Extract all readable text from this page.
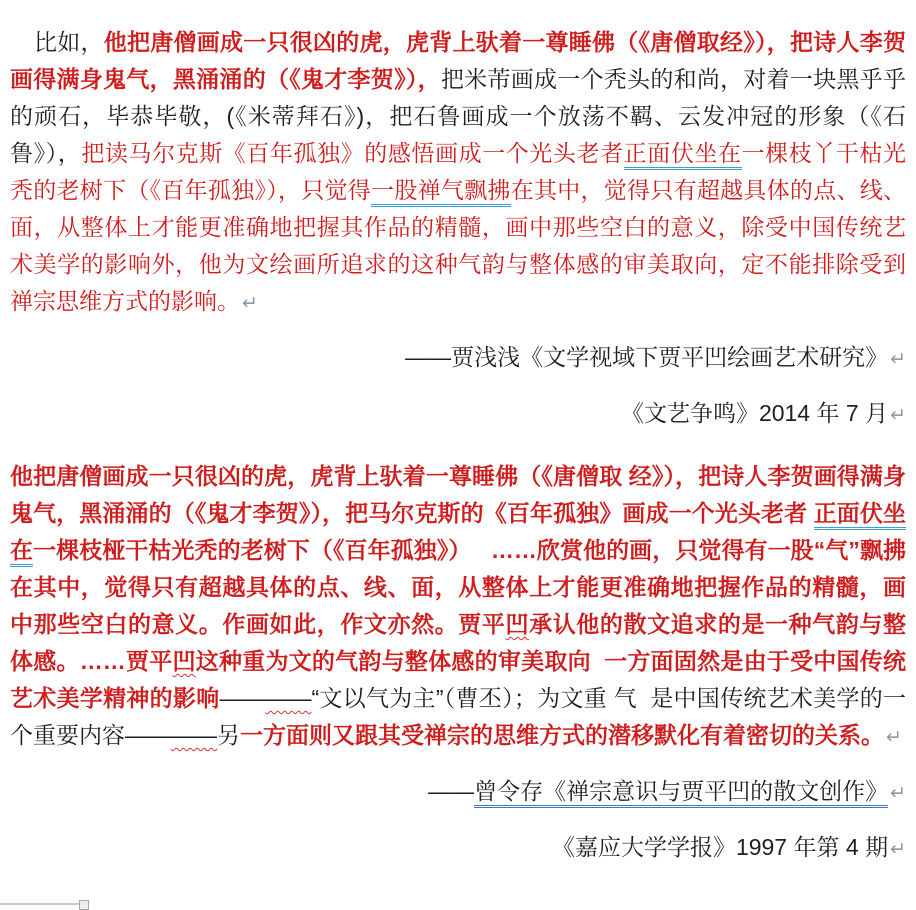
比如，他把唐僧画成一只很凶的虎，虎背上驮着一尊睡佛（《唐僧取经》），把诗人李贺画得满身鬼气，黑涌涌的（《鬼才李贺》），把米芾画成一个秃头的和尚，对着一块黑乎乎的顽石，毕恭毕敬，(《米蒂拜石》)，把石鲁画成一个放荡不羁、云发冲冠的形象（《石鲁》），把读马尔克斯《百年孤独》的感悟画成一个光头老者正面伏坐在一棵枝丫干枯光秃的老树下（《百年孤独》），只觉得一股禅气飘拂在其中，觉得只有超越具体的点、线、面，从整体上才能更准确地把握其作品的精髓，画中那些空白的意义，除受中国传统艺术美学的影响外，他为文绘画所追求的这种气韵与整体感的审美取向，定不能排除受到禅宗思维方式的影响。 ↵
——贾浅浅《文学视域下贾平凹绘画艺术研究》 ↵
《文艺争鸣》2014 年 7 月 ↵
他把唐僧画成一只很凶的虎，虎背上驮着一尊睡佛（《唐僧取 经》），把诗人李贺画得满身鬼气，黑涌涌的（《鬼才李贺》），把马尔克斯的《百年孤独》画成一个光头老者 正面伏坐在一棵枝桠干枯光秃的老树下（《百年孤独》）   ……欣赏他的画，只觉得有一股“气”飘拂在其中，觉得只有超越具体的点、线、面，从整体上才能更准确地把握作品的精髓，画中那些空白的意义。作画如此，作文亦然。贾平凹承认他的散文追求的是一种气韵与整体感。……贾平凹这种重为文的气韵与整体感的审美取向  一方面固然是由于受中国传统艺术美学精神的影响————“文以气为主”（曹丕）；为文重 气  是中国传统艺术美学的一个重要内容————另一方面则又跟其受禅宗的思维方式的潜移默化有着密切的关系。 ↵
——曾令存《禅宗意识与贾平凹的散文创作》 ↵
《嘉应大学学报》1997 年第 4 期 ↵
